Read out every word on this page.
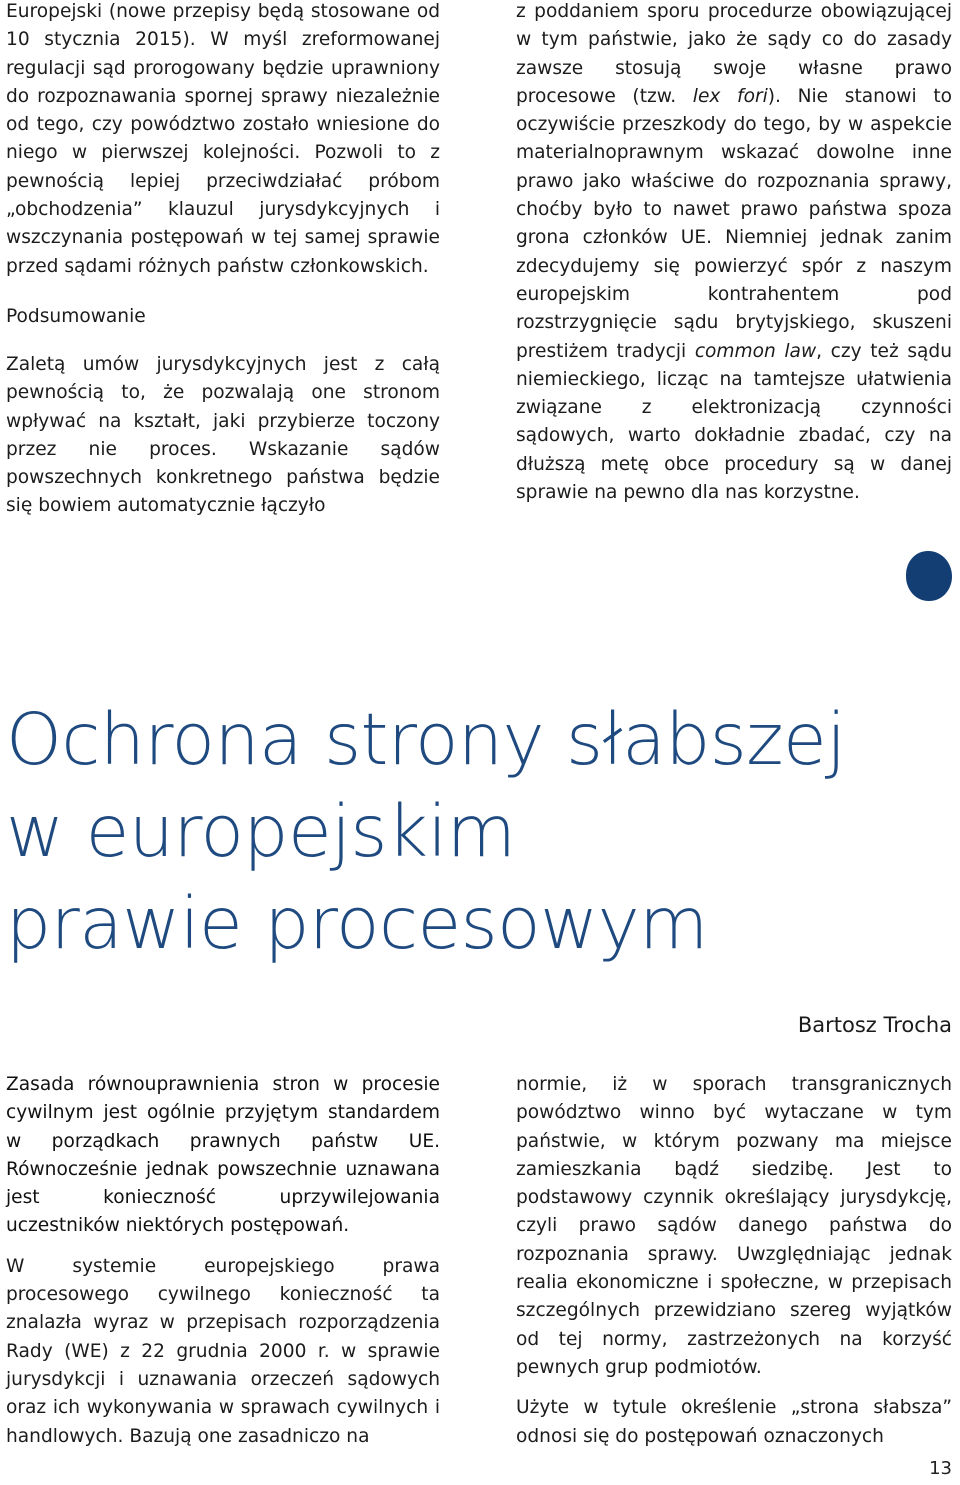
Europejski (nowe przepisy będą stosowane od 10 stycznia 2015). W myśl zreformowanej regulacji sąd prorogowany będzie uprawniony do rozpoznawania spornej sprawy niezależnie od tego, czy powództwo zostało wniesione do niego w pierwszej kolejności. Pozwoli to z pewnością lepiej przeciwdziałać próbom „obchodzenia” klauzul jurysdykcyjnych i wszczynania postępowań w tej samej sprawie przed sądami różnych państw członkowskich.

Podsumowanie

Zaletą umów jurysdykcyjnych jest z całą pewnością to, że pozwalają one stronom wpływać na kształt, jaki przybierze toczony przez nie proces. Wskazanie sądów powszechnych konkretnego państwa będzie się bowiem automatycznie łączyło

z poddaniem sporu procedurze obowiązującej w tym państwie, jako że sądy co do zasady zawsze stosują swoje własne prawo procesowe (tzw. lex fori). Nie stanowi to oczywiście przeszkody do tego, by w aspekcie materialnoprawnym wskazać dowolne inne prawo jako właściwe do rozpoznania sprawy, choćby było to nawet prawo państwa spoza grona członków UE. Niemniej jednak zanim zdecydujemy się powierzyć spór z naszym europejskim kontrahentem pod rozstrzygnięcie sądu brytyjskiego, skuszeni prestiżem tradycji common law, czy też sądu niemieckiego, licząc na tamtejsze ułatwienia związane z elektronizacją czynności sądowych, warto dokładnie zbadać, czy na dłuższą metę obce procedury są w danej sprawie na pewno dla nas korzystne.

Ochrona strony słabszej
w europejskim
prawie procesowym
Bartosz Trocha

Zasada równouprawnienia stron w procesie cywilnym jest ogólnie przyjętym standardem w porządkach prawnych państw UE. Równocześnie jednak powszechnie uznawana jest konieczność uprzywilejowania uczestników niektórych postępowań.

W systemie europejskiego prawa procesowego cywilnego konieczność ta znalazła wyraz w przepisach rozporządzenia Rady (WE) z 22 grudnia 2000 r. w sprawie jurysdykcji i uznawania orzeczeń sądowych oraz ich wykonywania w sprawach cywilnych i handlowych. Bazują one zasadniczo na

normie, iż w sporach transgranicznych powództwo winno być wytaczane w tym państwie, w którym pozwany ma miejsce zamieszkania bądź siedzibę. Jest to podstawowy czynnik określający jurysdykcję, czyli prawo sądów danego państwa do rozpoznania sprawy. Uwzględniając jednak realia ekonomiczne i społeczne, w przepisach szczególnych przewidziano szereg wyjątków od tej normy, zastrzeżonych na korzyść pewnych grup podmiotów.

Użyte w tytule określenie „strona słabsza” odnosi się do postępowań oznaczonych

13
